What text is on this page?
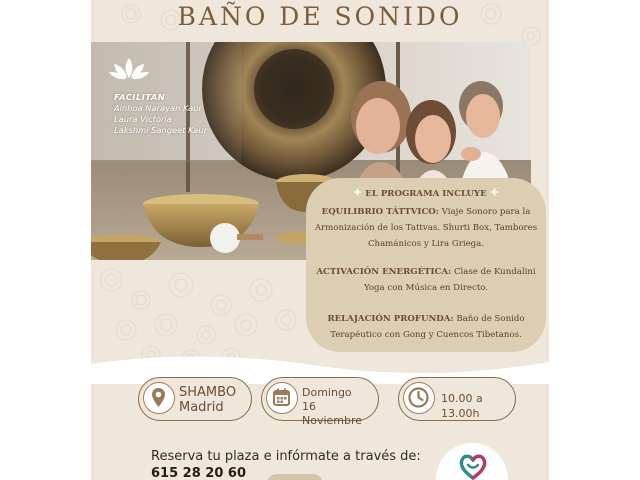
BAÑO DE SONIDO
FACILITAN
Ainhoa Narayan Kaur
Laura Victoria
Lakshmi Sangeet Kaur
✦ EL PROGRAMA INCLUYE ✦
EQUILIBRIO TÁTTVICO: Viaje Sonoro para la
Armonización de los Tattvas. Shurti Box, Tambores
Chamánicos y Lira Griega.
ACTIVACIÓN ENERGÉTICA: Clase de Kundalini
Yoga con Música en Directo.
RELAJACIÓN PROFUNDA: Baño de Sonido
Terapéutico con Gong y Cuencos Tibetanos.
SHAMBO
Madrid
Domingo
16 Noviembre
10.00 a 13.00h
Reserva tu plaza e infórmate a través de:
615 28 20 60
